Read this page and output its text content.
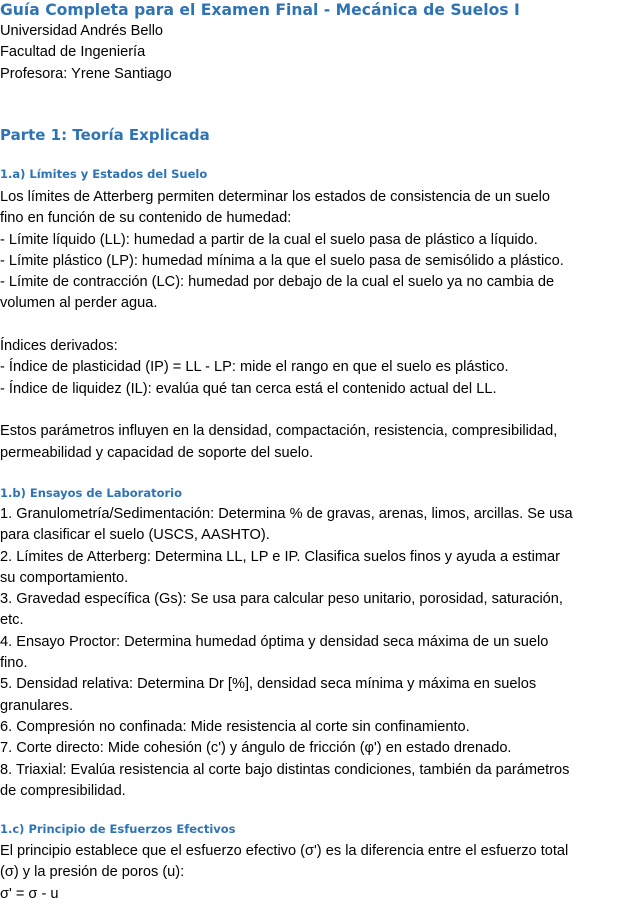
Guía Completa para el Examen Final - Mecánica de Suelos I

Universidad Andrés Bello

Facultad de Ingeniería

Profesora: Yrene Santiago

Parte 1: Teoría Explicada
1.a) Límites y Estados del Suelo

Los límites de Atterberg permiten determinar los estados de consistencia de un suelo

fino en función de su contenido de humedad:

- Límite líquido (LL): humedad a partir de la cual el suelo pasa de plástico a líquido.

- Límite plástico (LP): humedad mínima a la que el suelo pasa de semisólido a plástico.

- Límite de contracción (LC): humedad por debajo de la cual el suelo ya no cambia de

volumen al perder agua.

Índices derivados:

- Índice de plasticidad (IP) = LL - LP: mide el rango en que el suelo es plástico.

- Índice de liquidez (IL): evalúa qué tan cerca está el contenido actual del LL.

Estos parámetros influyen en la densidad, compactación, resistencia, compresibilidad,

permeabilidad y capacidad de soporte del suelo.

1.b) Ensayos de Laboratorio

1. Granulometría/Sedimentación: Determina % de gravas, arenas, limos, arcillas. Se usa

para clasificar el suelo (USCS, AASHTO).

2. Límites de Atterberg: Determina LL, LP e IP. Clasifica suelos finos y ayuda a estimar

su comportamiento.

3. Gravedad específica (Gs): Se usa para calcular peso unitario, porosidad, saturación,

etc.

4. Ensayo Proctor: Determina humedad óptima y densidad seca máxima de un suelo

fino.

5. Densidad relativa: Determina Dr [%], densidad seca mínima y máxima en suelos

granulares.

6. Compresión no confinada: Mide resistencia al corte sin confinamiento.

7. Corte directo: Mide cohesión (c') y ángulo de fricción (φ') en estado drenado.

8. Triaxial: Evalúa resistencia al corte bajo distintas condiciones, también da parámetros

de compresibilidad.

1.c) Principio de Esfuerzos Efectivos

El principio establece que el esfuerzo efectivo (σ') es la diferencia entre el esfuerzo total

(σ) y la presión de poros (u):

σ' = σ - u
